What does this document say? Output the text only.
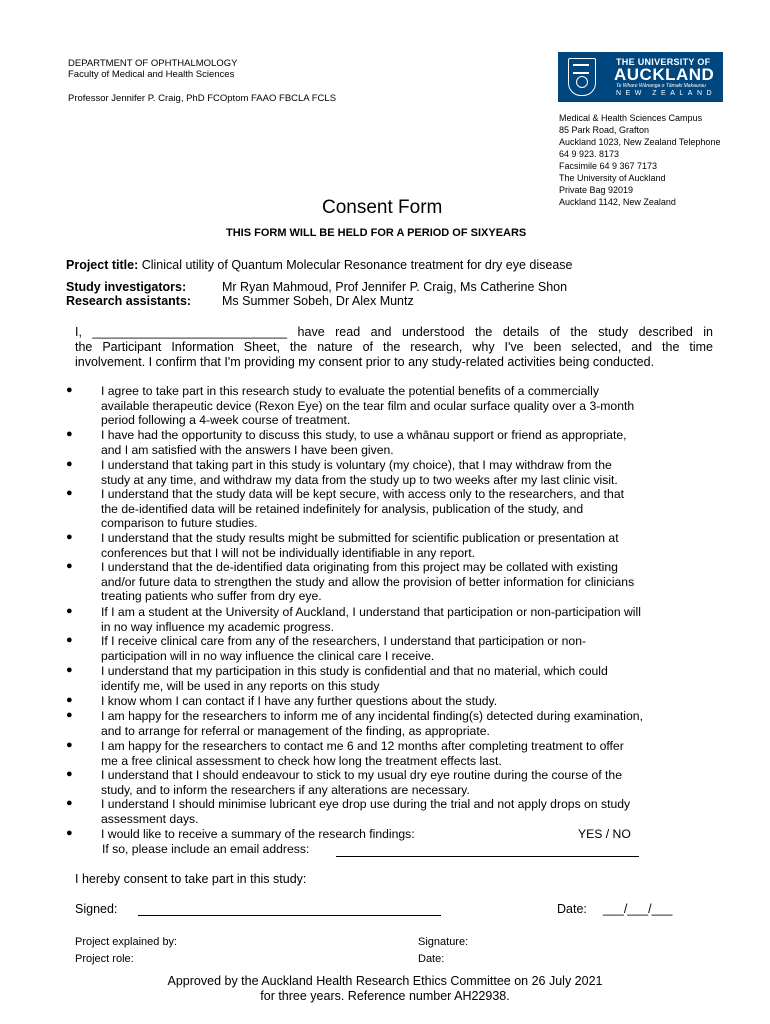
DEPARTMENT OF OPHTHALMOLOGY
Faculty of Medical and Health Sciences
Professor Jennifer P. Craig, PhD FCOptom FAAO FBCLA FCLS
THE UNIVERSITY OF
AUCKLAND
Te Whare Wānanga o Tāmaki Makaurau
NEW ZEALAND
Medical & Health Sciences Campus
85 Park Road, Grafton
Auckland 1023, New Zealand Telephone
64 9 923. 8173
Facsimile 64 9 367 7173
The University of Auckland
Private Bag 92019
Auckland 1142, New Zealand
Consent Form
THIS FORM WILL BE HELD FOR A PERIOD OF SIXYEARS
Project title: Clinical utility of Quantum Molecular Resonance treatment for dry eye disease
Study investigators:	Mr Ryan Mahmoud, Prof Jennifer P. Craig, Ms Catherine Shon
Research assistants: Ms Summer Sobeh, Dr Alex Muntz
I, ____________________________ have read and understood the details of the study described in
the Participant Information Sheet, the nature of the research, why I've been selected, and the time
involvement. I confirm that I'm providing my consent prior to any study-related activities being conducted.
● I agree to take part in this research study to evaluate the potential benefits of a commercially
available therapeutic device (Rexon Eye) on the tear film and ocular surface quality over a 3-month
period following a 4-week course of treatment.
● I have had the opportunity to discuss this study, to use a whānau support or friend as appropriate,
and I am satisfied with the answers I have been given.
● I understand that taking part in this study is voluntary (my choice), that I may withdraw from the
study at any time, and withdraw my data from the study up to two weeks after my last clinic visit.
● I understand that the study data will be kept secure, with access only to the researchers, and that
the de-identified data will be retained indefinitely for analysis, publication of the study, and
comparison to future studies.
● I understand that the study results might be submitted for scientific publication or presentation at
conferences but that I will not be individually identifiable in any report.
● I understand that the de-identified data originating from this project may be collated with existing
and/or future data to strengthen the study and allow the provision of better information for clinicians
treating patients who suffer from dry eye.
● If I am a student at the University of Auckland, I understand that participation or non-participation will
in no way influence my academic progress.
● If I receive clinical care from any of the researchers, I understand that participation or non-
participation will in no way influence the clinical care I receive.
● I understand that my participation in this study is confidential and that no material, which could
identify me, will be used in any reports on this study
● I know whom I can contact if I have any further questions about the study.
● I am happy for the researchers to inform me of any incidental finding(s) detected during examination,
and to arrange for referral or management of the finding, as appropriate.
● I am happy for the researchers to contact me 6 and 12 months after completing treatment to offer
me a free clinical assessment to check how long the treatment effects last.
● I understand that I should endeavour to stick to my usual dry eye routine during the course of the
study, and to inform the researchers if any alterations are necessary.
● I understand I should minimise lubricant eye drop use during the trial and not apply drops on study
assessment days.
● I would like to receive a summary of the research findings:	YES / NO
If so, please include an email address:
I hereby consent to take part in this study:
Signed:	Date: ___/___/___
Project explained by:	Signature:
Project role:	Date:
Approved by the Auckland Health Research Ethics Committee on 26 July 2021
for three years. Reference number AH22938.
